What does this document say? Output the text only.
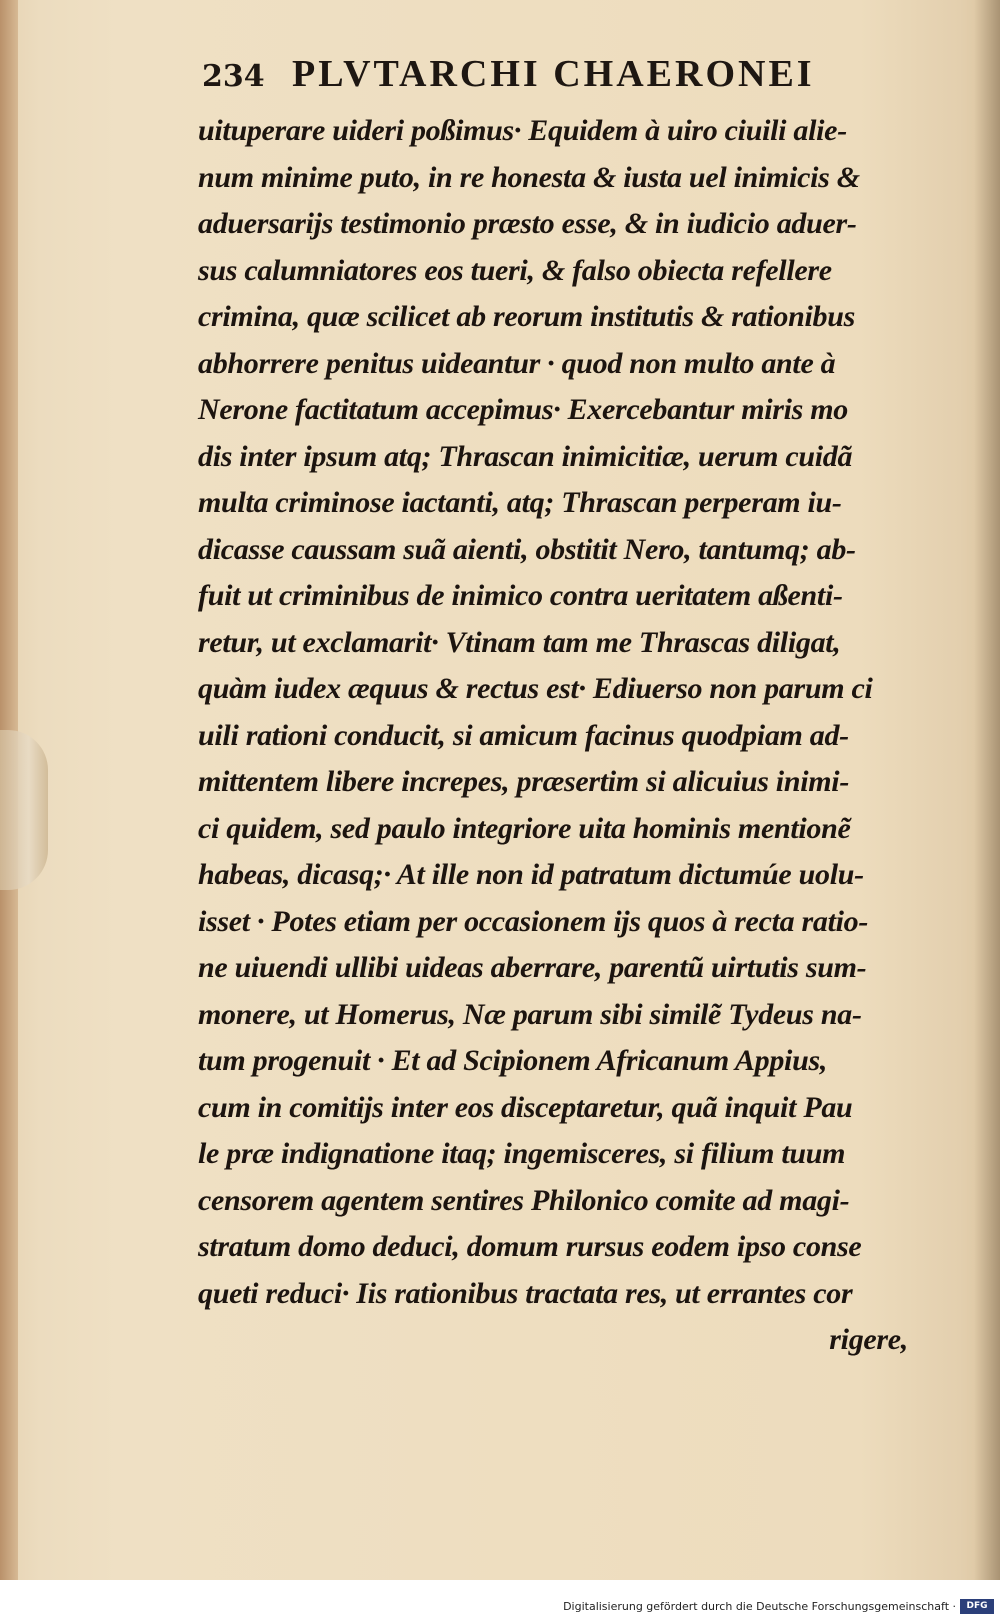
234 PLVTARCHI CHAERONEI
uituperare uideri poßimus· Equidem à uiro ciuili alie-
num minime puto, in re honesta & iusta uel inimicis &
aduersarijs testimonio præsto esse, & in iudicio aduer-
sus calumniatores eos tueri, & falso obiecta refellere
crimina, quæ scilicet ab reorum institutis & rationibus
abhorrere penitus uideantur · quod non multo ante à
Nerone factitatum accepimus· Exercebantur miris mo
dis inter ipsum atq; Thrascan inimicitiæ, uerum cuidã
multa criminose iactanti, atq; Thrascan perperam iu-
dicasse caussam suã aienti, obstitit Nero, tantumq; ab-
fuit ut criminibus de inimico contra ueritatem aßenti-
retur, ut exclamarit· Vtinam tam me Thrascas diligat,
quàm iudex æquus & rectus est· Ediuerso non parum ci
uili rationi conducit, si amicum facinus quodpiam ad-
mittentem libere increpes, præsertim si alicuius inimi-
ci quidem, sed paulo integriore uita hominis mentionẽ
habeas, dicasq;· At ille non id patratum dictumúe uolu-
isset · Potes etiam per occasionem ijs quos à recta ratio-
ne uiuendi ullibi uideas aberrare, parentũ uirtutis sum-
monere, ut Homerus, Næ parum sibi similẽ Tydeus na-
tum progenuit · Et ad Scipionem Africanum Appius,
cum in comitijs inter eos disceptaretur, quã inquit Pau
le præ indignatione itaq; ingemisceres, si filium tuum
censorem agentem sentires Philonico comite ad magi-
stratum domo deduci, domum rursus eodem ipso conse
queti reduci· Iis rationibus tractata res, ut errantes cor
rigere,
Digitalisierung gefördert durch die Deutsche Forschungsgemeinschaft ·	DFG
